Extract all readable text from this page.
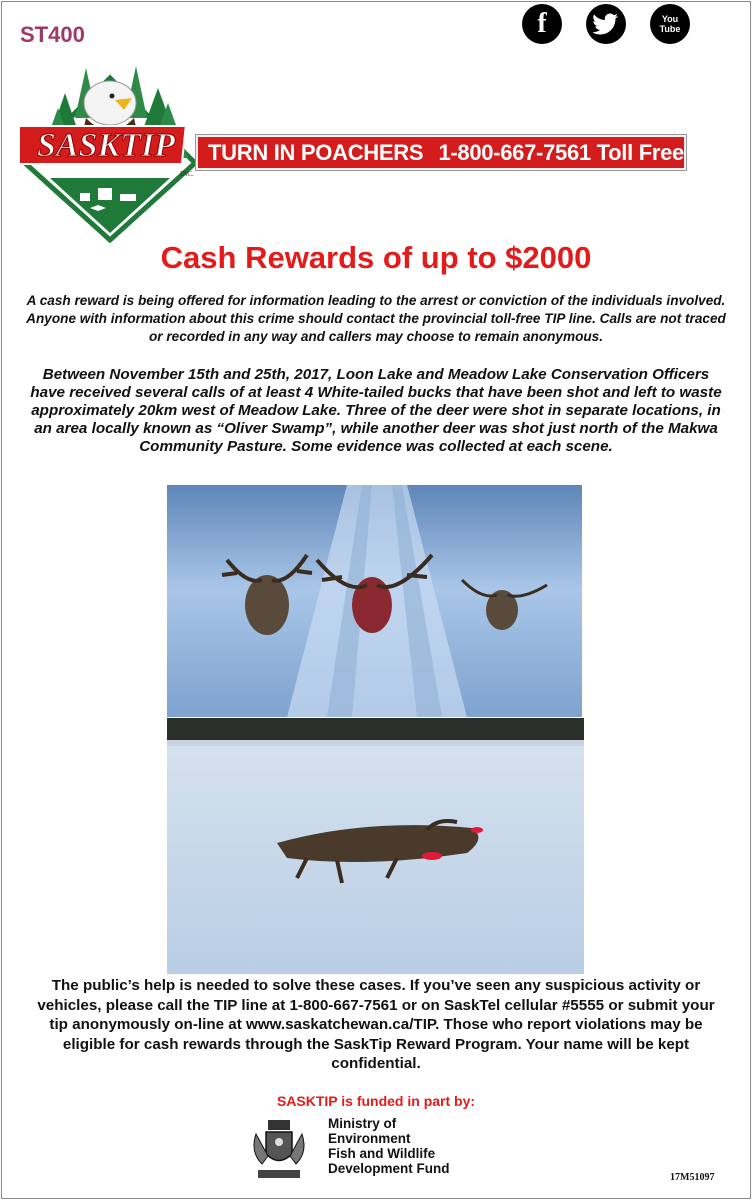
ST400	f	You
Tube
SASKTIP
INC.
TURN IN POACHERS 1-800-667-7561 Toll Free
Cash Rewards of up to $2000

A cash reward is being offered for information leading to the arrest or conviction of the individuals involved. Anyone with information about this crime should contact the provincial toll-free TIP line. Calls are not traced or recorded in any way and callers may choose to remain anonymous.

Between November 15th and 25th, 2017, Loon Lake and Meadow Lake Conservation Officers have received several calls of at least 4 White-tailed bucks that have been shot and left to waste approximately 20km west of Meadow Lake. Three of the deer were shot in separate locations, in an area locally known as “Oliver Swamp”, while another deer was shot just north of the Makwa Community Pasture. Some evidence was collected at each scene.

The public’s help is needed to solve these cases. If you’ve seen any suspicious activity or vehicles, please call the TIP line at 1-800-667-7561 or on SaskTel cellular #5555 or submit your tip anonymously on-line at www.saskatchewan.ca/TIP. Those who report violations may be eligible for cash rewards through the SaskTip Reward Program. Your name will be kept confidential.

SASKTIP is funded in part by:
Ministry of
Environment
Fish and Wildlife
Development Fund
17M51097
